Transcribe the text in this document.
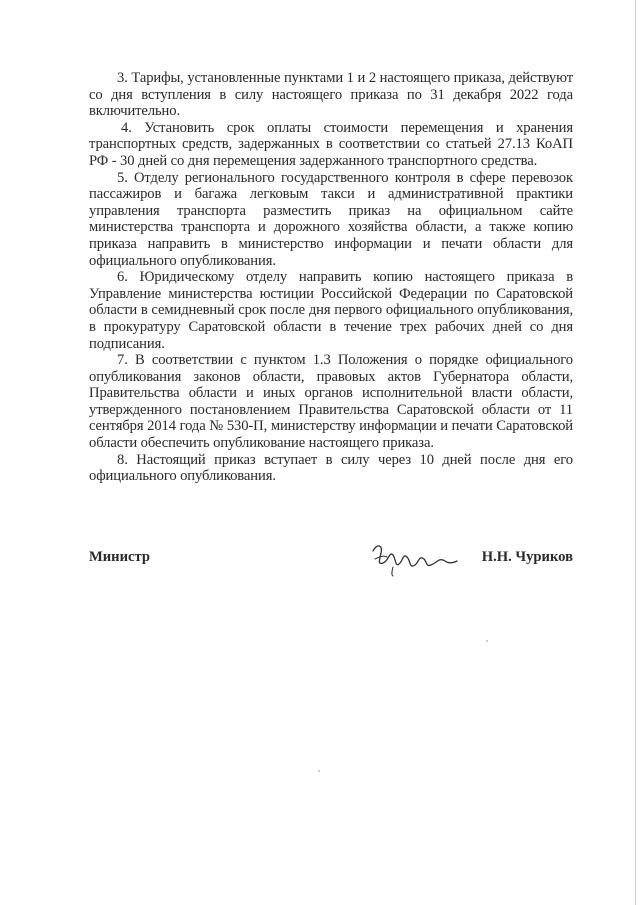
3. Тарифы, установленные пунктами 1 и 2 настоящего приказа, действуют со дня вступления в силу настоящего приказа по 31 декабря 2022 года включительно.

4. Установить срок оплаты стоимости перемещения и хранения транспортных средств, задержанных в соответствии со статьей 27.13 КоАП РФ - 30 дней со дня перемещения задержанного транспортного средства.

5. Отделу регионального государственного контроля в сфере перевозок пассажиров и багажа легковым такси и административной практики управления транспорта разместить приказ на официальном сайте министерства транспорта и дорожного хозяйства области, а также копию приказа направить в министерство информации и печати области для официального опубликования.

6. Юридическому отделу направить копию настоящего приказа в Управление министерства юстиции Российской Федерации по Саратовской области в семидневный срок после дня первого официального опубликования, в прокуратуру Саратовской области в течение трех рабочих дней со дня подписания.

7. В соответствии с пунктом 1.3 Положения о порядке официального опубликования законов области, правовых актов Губернатора области, Правительства области и иных органов исполнительной власти области, утвержденного постановлением Правительства Саратовской области от 11 сентября 2014 года № 530-П, министерству информации и печати Саратовской области обеспечить опубликование настоящего приказа.

8. Настоящий приказ вступает в силу через 10 дней после дня его официального опубликования.

Министр	Н.Н. Чуриков
